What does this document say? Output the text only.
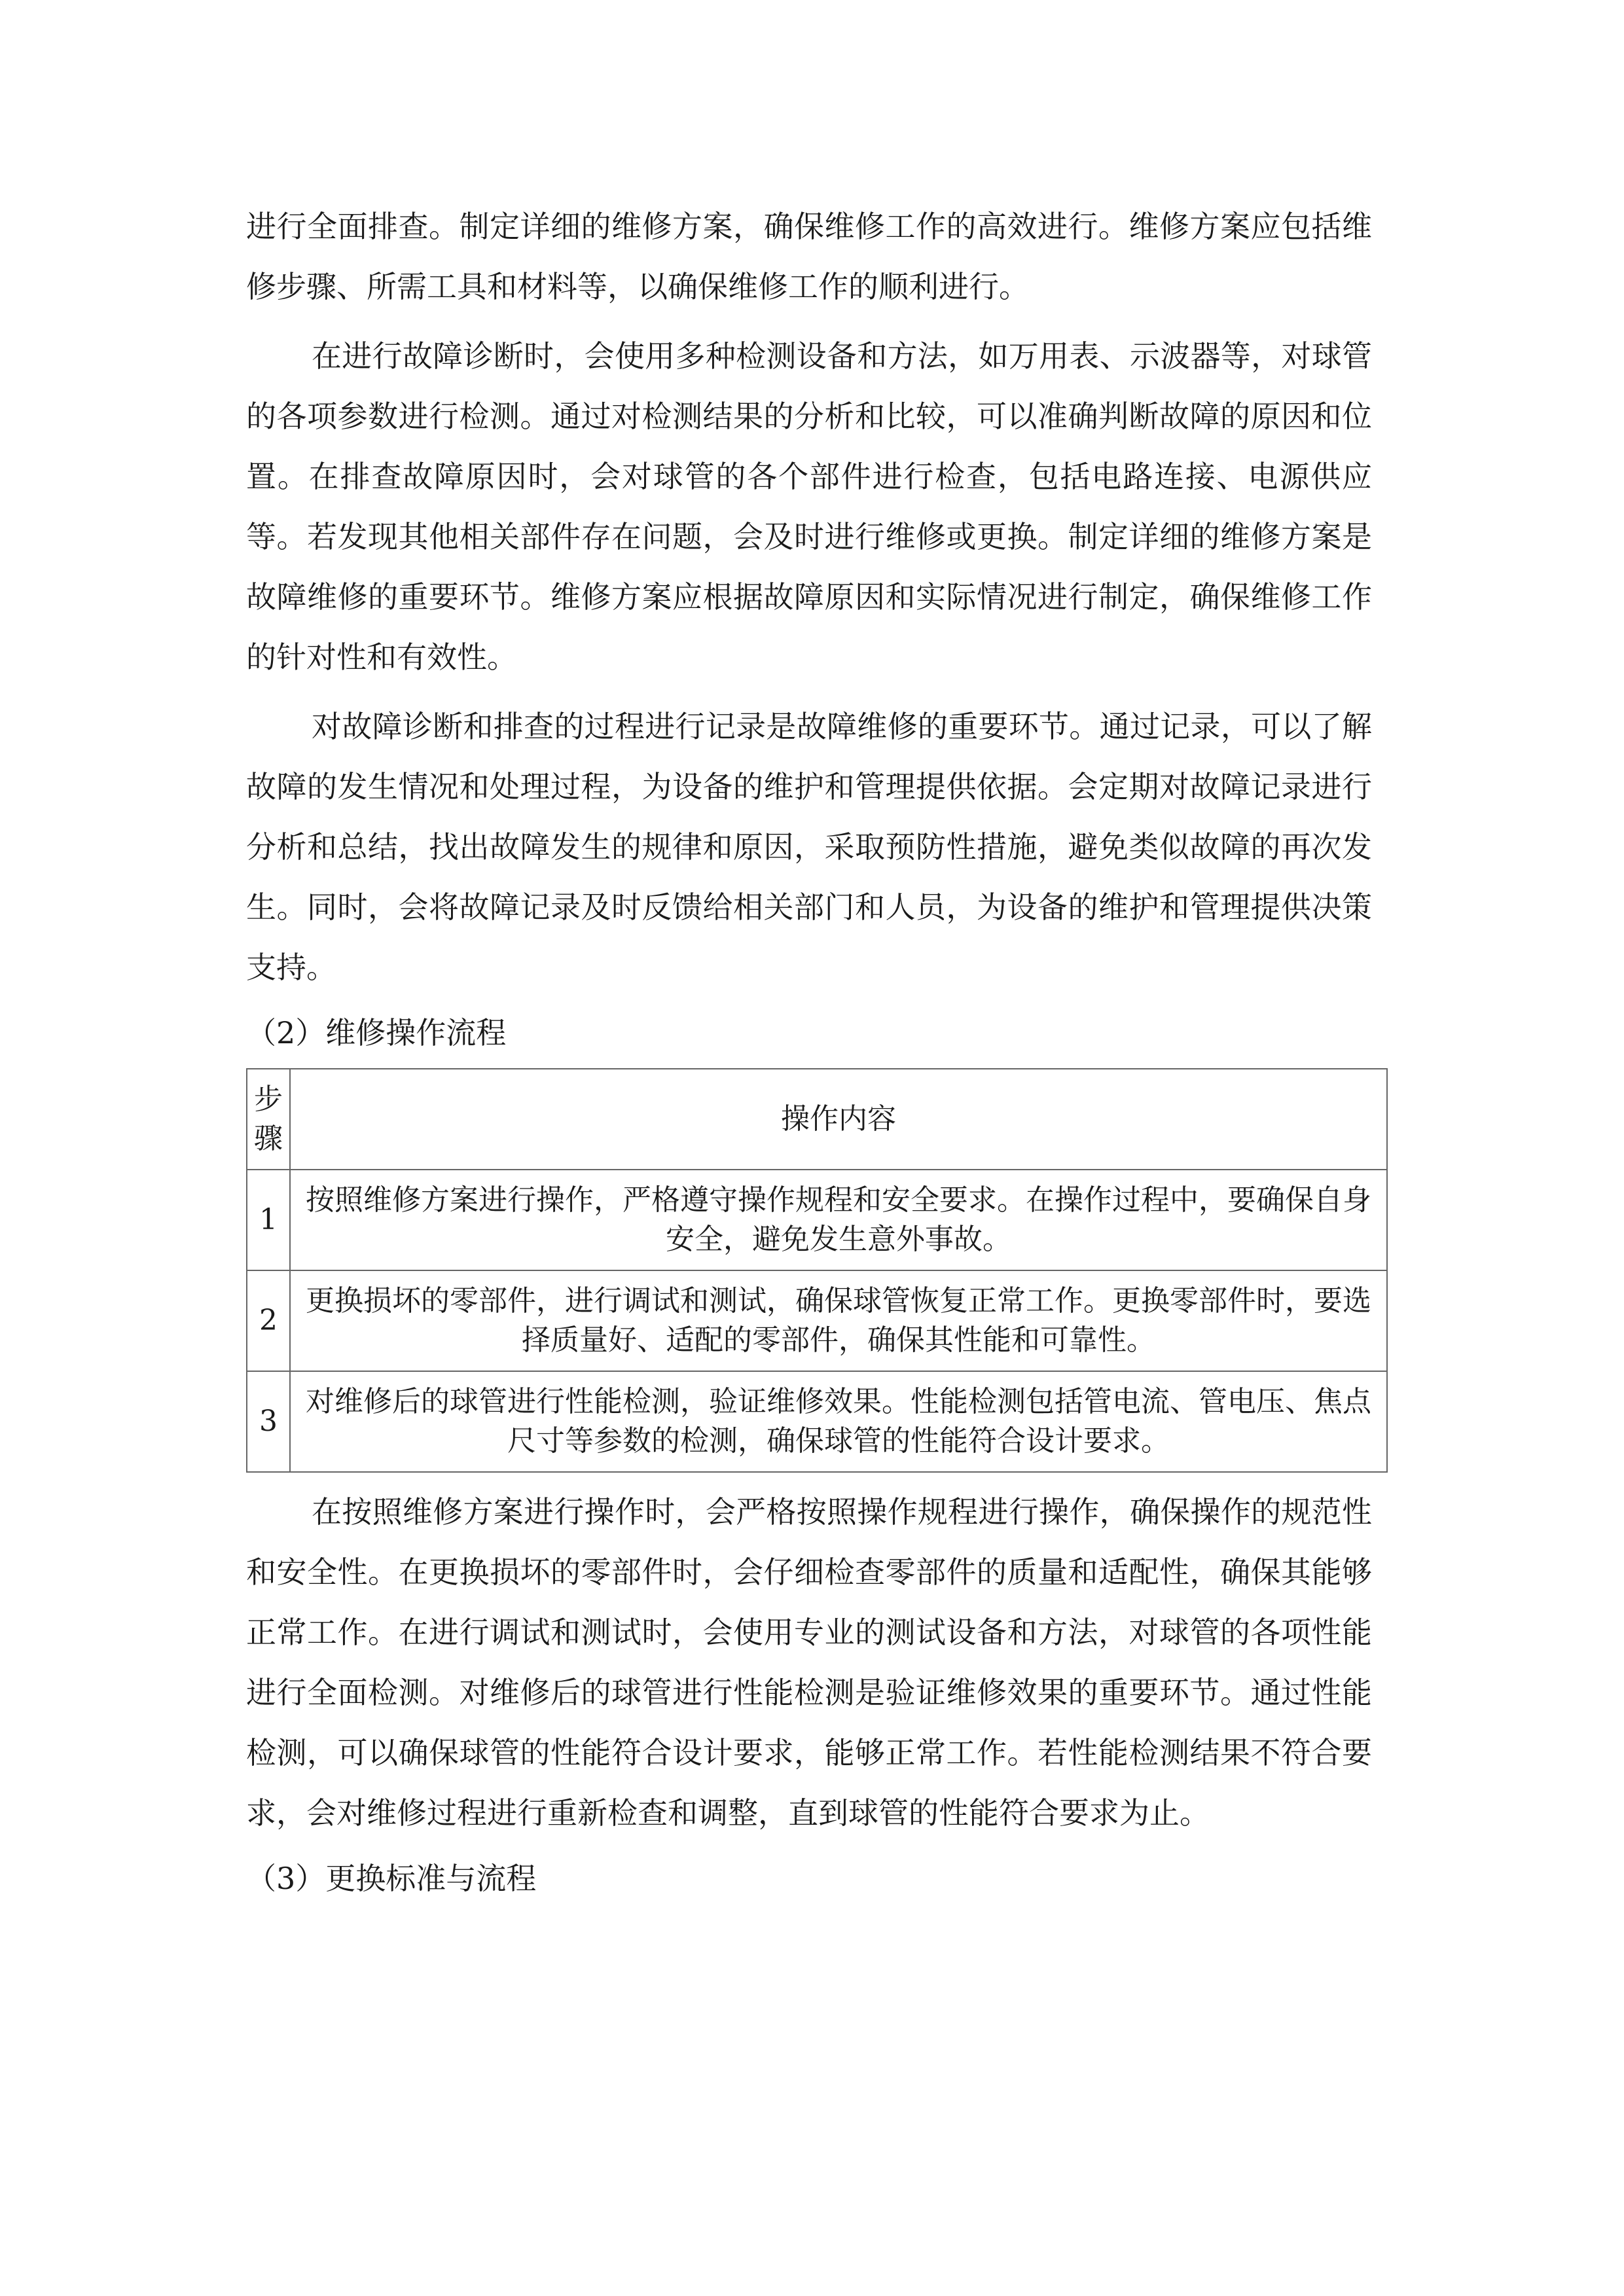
进行全面排查。制定详细的维修方案，确保维修工作的高效进行。维修方案应包括维修步骤、所需工具和材料等，以确保维修工作的顺利进行。

在进行故障诊断时，会使用多种检测设备和方法，如万用表、示波器等，对球管的各项参数进行检测。通过对检测结果的分析和比较，可以准确判断故障的原因和位置。在排查故障原因时，会对球管的各个部件进行检查，包括电路连接、电源供应等。若发现其他相关部件存在问题，会及时进行维修或更换。制定详细的维修方案是故障维修的重要环节。维修方案应根据故障原因和实际情况进行制定，确保维修工作的针对性和有效性。

对故障诊断和排查的过程进行记录是故障维修的重要环节。通过记录，可以了解故障的发生情况和处理过程，为设备的维护和管理提供依据。会定期对故障记录进行分析和总结，找出故障发生的规律和原因，采取预防性措施，避免类似故障的再次发生。同时，会将故障记录及时反馈给相关部门和人员，为设备的维护和管理提供决策支持。

（2）维修操作流程

步骤	操作内容
1	按照维修方案进行操作，严格遵守操作规程和安全要求。在操作过程中，要确保自身安全，避免发生意外事故。
2	更换损坏的零部件，进行调试和测试，确保球管恢复正常工作。更换零部件时，要选择质量好、适配的零部件，确保其性能和可靠性。
3	对维修后的球管进行性能检测，验证维修效果。性能检测包括管电流、管电压、焦点尺寸等参数的检测，确保球管的性能符合设计要求。

在按照维修方案进行操作时，会严格按照操作规程进行操作，确保操作的规范性和安全性。在更换损坏的零部件时，会仔细检查零部件的质量和适配性，确保其能够正常工作。在进行调试和测试时，会使用专业的测试设备和方法，对球管的各项性能进行全面检测。对维修后的球管进行性能检测是验证维修效果的重要环节。通过性能检测，可以确保球管的性能符合设计要求，能够正常工作。若性能检测结果不符合要求，会对维修过程进行重新检查和调整，直到球管的性能符合要求为止。

（3）更换标准与流程
